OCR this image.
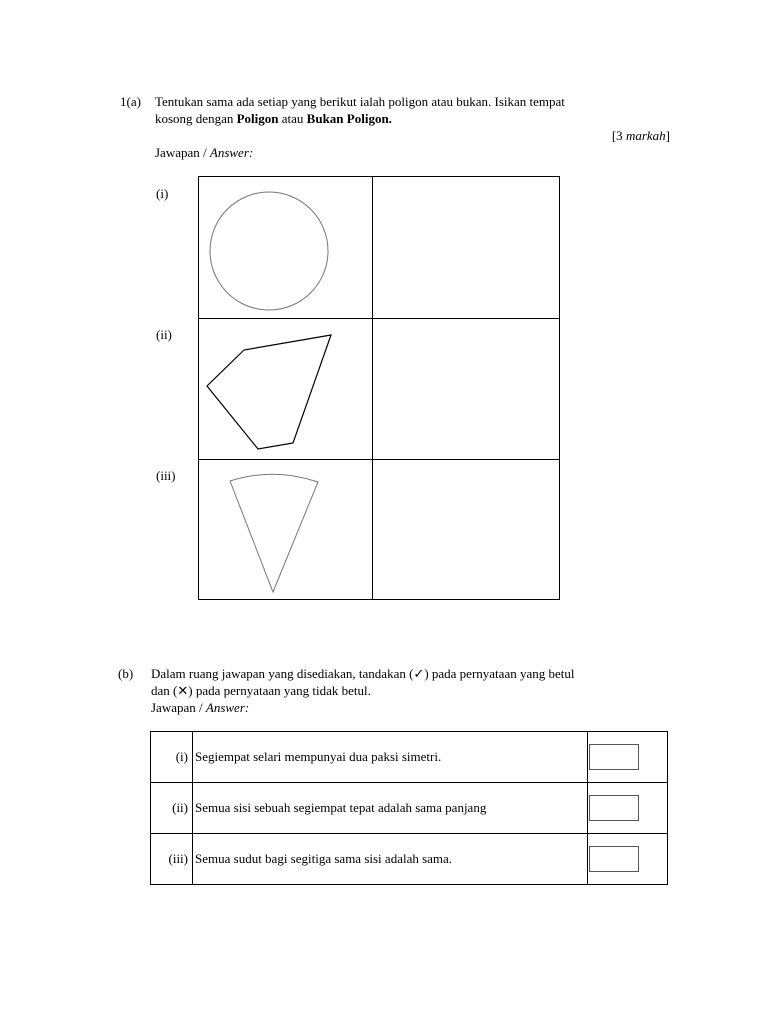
1(a) Tentukan sama ada setiap yang berikut ialah poligon atau bukan. Isikan tempat
kosong dengan Poligon atau Bukan Poligon.
[3 markah]
Jawapan / Answer:
(i)
(ii)
(iii)
(b) Dalam ruang jawapan yang disediakan, tandakan (✓) pada pernyataan yang betul
dan (✕) pada pernyataan yang tidak betul.
Jawapan / Answer:
(i)	Segiempat selari mempunyai dua paksi simetri.	

(ii)	Semua sisi sebuah segiempat tepat adalah sama panjang	

(iii)	Semua sudut bagi segitiga sama sisi adalah sama.	
